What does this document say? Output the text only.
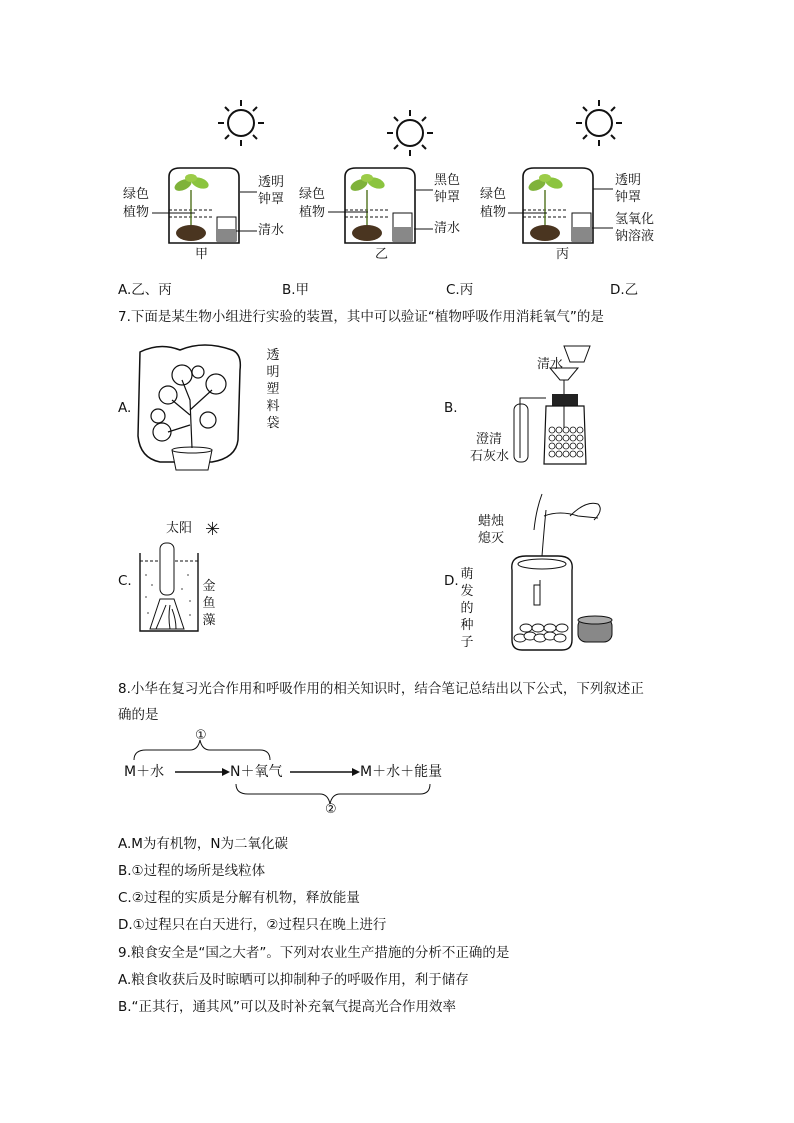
绿色
植物
透明
钟罩
清水
甲
绿色
植物
黑色
钟罩
清水
乙
绿色
植物
透明
钟罩
氢氧化
钠溶液
丙
A.乙、丙	B.甲	C.丙	D.乙
7.下面是某生物小组进行实验的装置，其中可以验证“植物呼吸作用消耗氧气”的是
A.
透
明
塑
料
袋
B.
清水
澄清
石灰水
太阳 ✳
C.	金
鱼
藻
蜡烛
熄灭
D. 萌
发
的
种
子
8.小华在复习光合作用和呼吸作用的相关知识时，结合笔记总结出以下公式，下列叙述正
确的是
①
②
M＋水	N＋氧气	M＋水＋能量
A.M为有机物，N为二氧化碳
B.①过程的场所是线粒体
C.②过程的实质是分解有机物，释放能量
D.①过程只在白天进行，②过程只在晚上进行
9.粮食安全是“国之大者”。下列对农业生产措施的分析不正确的是
A.粮食收获后及时晾晒可以抑制种子的呼吸作用，利于储存
B.“正其行，通其风”可以及时补充氧气提高光合作用效率
